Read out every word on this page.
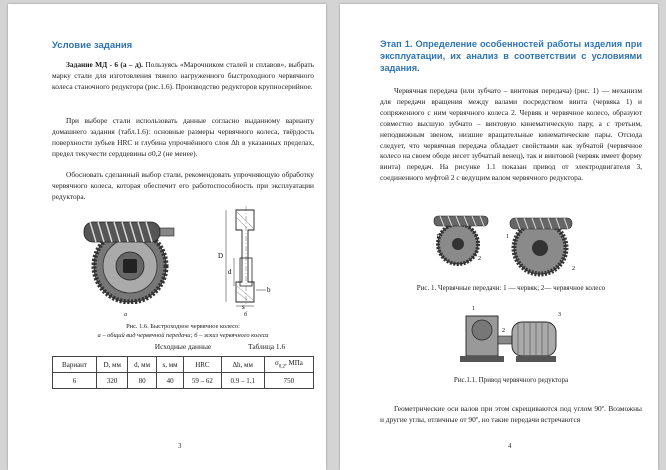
Условие задания

Задание МД - 6 (а – д). Пользуясь «Марочником сталей и сплавов», выбрать марку стали для изготовления тяжело нагруженного быстроходного червячного колеса станочного редуктора (рис.1.6). Производство редукторов крупносерийное.

При выборе стали использовать данные согласно выданному варианту домашнего задания (табл.1.6): основные размеры червячного колеса, твёрдость поверхности зубьев HRC и глубина упрочнённого слоя Δh в указанных пределах, предел текучести сердцевины σ0,2 (не менее).

Обосновать сделанный выбор стали, рекомендовать упрочняющую обработку червячного колеса, которая обеспечит его работоспособность при эксплуатации редуктора.

а
D
d
s
b
б
Рис. 1.6. Быстроходное червячное колесо:
а – общий вид червячной передачи; б – эскиз червячного колеса
Исходные данные	Таблица 1.6
Вариант	D, мм	d, мм	s, мм	HRC	Δh, мм	$\sigma_{0,2}$, МПа
6	320	80	40	59 – 62	0.9 – 1.1	750
3
Этап 1. Определение особенностей работы изделия при эксплуатации, их анализ в соответствии с условиями задания.

Червячная передача (или зубчато – винтовая передача) (рис. 1) — механизм для передачи вращения между валами посредством винта (червяка 1) и сопряженного с ним червячного колеса 2. Червяк и червячное колесо, образуют совместно высшую зубчато – винтовую кинематическую пару, а с третьим, неподвижным звеном, низшие вращательные кинематические пары. Отсюда следует, что червячная передача обладает свойствами как зубчатой (червячное колесо на своем ободе несет зубчатый венец), так и винтовой (червяк имеет форму винта) передач. На рисунке 1.1 показан привод от электродвигателя 3, соединенного муфтой 2 с ведущим валом червячного редуктора.

1
2
1
2
Рис. 1. Червячные передачи: 1 — червяк; 2— червячное колесо
1
2
3
Рис.1.1. Привод червячного редуктора

Геометрические оси валов при этом скрещиваются под углом 90º. Возможны и другие углы, отличные от 90º, но такие передачи встречаются

4
